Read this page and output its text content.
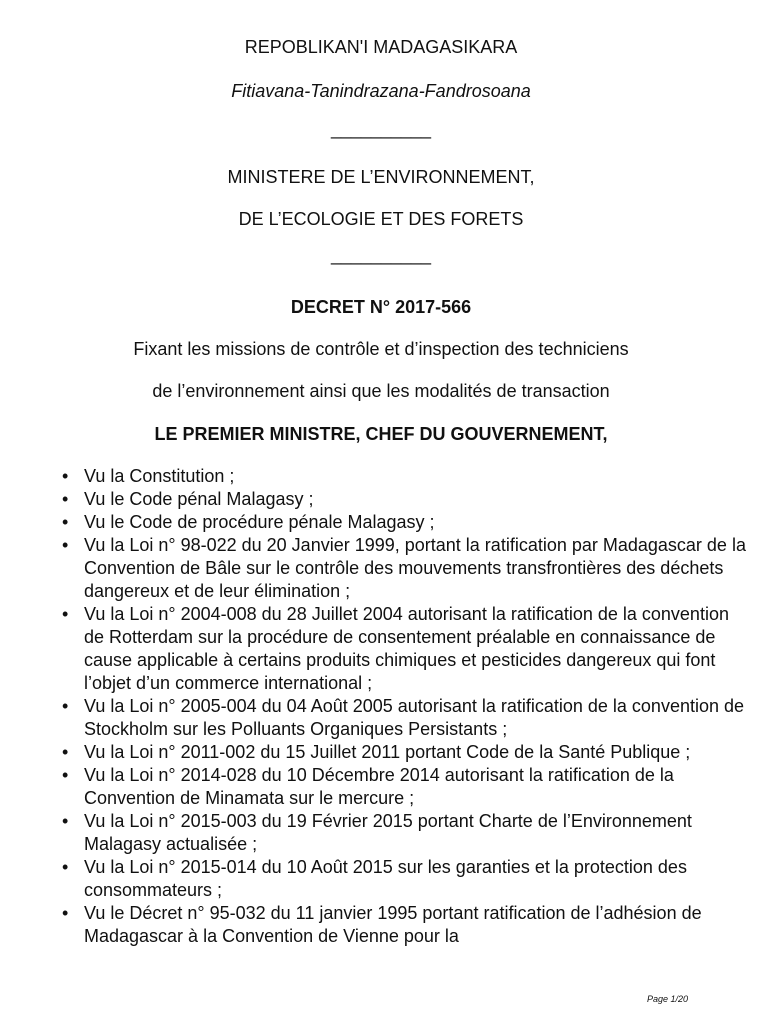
REPOBLIKAN'I MADAGASIKARA
Fitiavana-Tanindrazana-Fandrosoana
__________
MINISTERE DE L’ENVIRONNEMENT,
DE L’ECOLOGIE ET DES FORETS
__________
DECRET N° 2017-566
Fixant les missions de contrôle et d’inspection des techniciens
de l’environnement ainsi que les modalités de transaction
LE PREMIER MINISTRE, CHEF DU GOUVERNEMENT,
• Vu la Constitution ;
• Vu le Code pénal Malagasy ;
• Vu le Code de procédure pénale Malagasy ;
• Vu la Loi n° 98-022 du 20 Janvier 1999, portant la ratification par Madagascar de la Convention de Bâle sur le contrôle des mouvements transfrontières des déchets dangereux et de leur élimination ;
• Vu la Loi n° 2004-008 du 28 Juillet 2004 autorisant la ratification de la convention de Rotterdam sur la procédure de consentement préalable en connaissance de cause applicable à certains produits chimiques et pesticides dangereux qui font l’objet d’un commerce international ;
• Vu la Loi n° 2005-004 du 04 Août 2005 autorisant la ratification de la convention de Stockholm sur les Polluants Organiques Persistants ;
• Vu la Loi n° 2011-002 du 15 Juillet 2011 portant Code de la Santé Publique ;
• Vu la Loi n° 2014-028 du 10 Décembre 2014 autorisant la ratification de la Convention de Minamata sur le mercure ;
• Vu la Loi n° 2015-003 du 19 Février 2015 portant Charte de l’Environnement Malagasy actualisée ;
• Vu la Loi n° 2015-014 du 10 Août 2015 sur les garanties et la protection des consommateurs ;
• Vu le Décret n° 95-032 du 11 janvier 1995 portant ratification de l’adhésion de Madagascar à la Convention de Vienne pour la
Page 1/20
